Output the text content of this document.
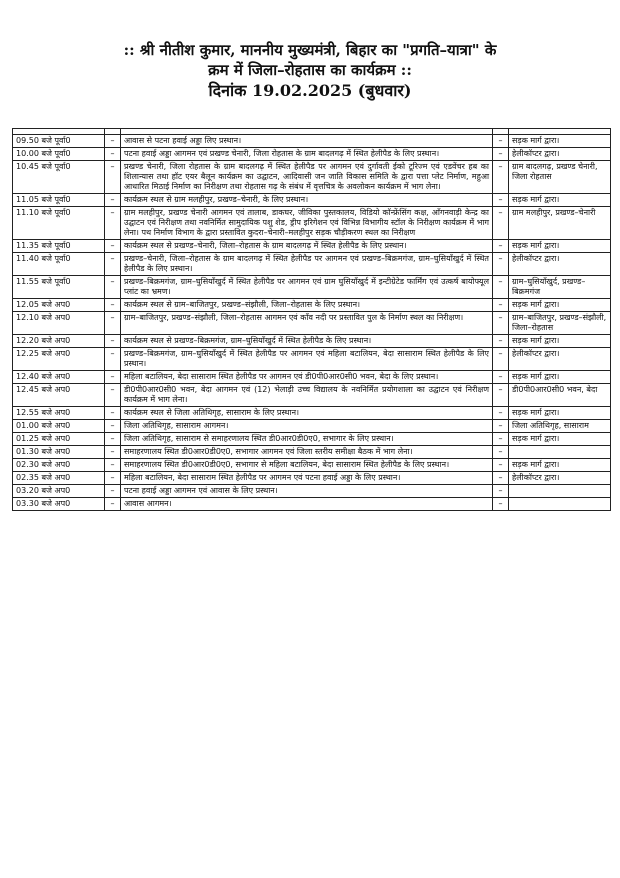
:: श्री नीतीश कुमार, माननीय मुख्यमंत्री, बिहार का "प्रगति–यात्रा" के
क्रम में जिला–रोहतास का कार्यक्रम ::
दिनांक 19.02.2025 (बुधवार)

09.50 बजे पूर्वा0	–	आवास से पटना हवाई अड्डा लिए प्रस्थान।	–	सड़क मार्ग द्वारा।
10.00 बजे पूर्वा0	–	पटना हवाई अड्डा आगमन एवं प्रखण्ड चेनारी, जिला रोहतास के ग्राम बादलगढ़ में स्थित हेलीपैड के लिए प्रस्थान।	–	हेलीकॉप्टर द्वारा।
10.45 बजे पूर्वा0	–	प्रखण्ड चेनारी, जिला रोहतास के ग्राम बादलगढ़ में स्थित हेलीपैड पर आगमन एवं दुर्गावती ईको टूरिज्म एवं एडवेंचर हब का शिलान्यास तथा हॉट एयर बैलून कार्यक्रम का उद्घाटन, आदिवासी जन जाति विकास समिति के द्वारा पत्ता प्लेट निर्माण, महुआ आधारित मिठाई निर्माण का निरीक्षण तथा रोहतास गढ़ के संबंध में वृत्तचित्र के अवलोकन कार्यक्रम में भाग लेना।	–	ग्राम बादलगढ़, प्रखण्ड चेनारी, जिला रोहतास
11.05 बजे पूर्वा0	–	कार्यक्रम स्थल से ग्राम मलहीपुर, प्रखण्ड–चेनारी, के लिए प्रस्थान।	–	सड़क मार्ग द्वारा।
11.10 बजे पूर्वा0	–	ग्राम मलहीपुर, प्रखण्ड चेनारी आगमन एवं तालाब, डाकघर, जीविका पुस्तकालय, विडियो कॉन्फ्रेंसिंग कक्ष, आँगनवाड़ी केन्द्र का उद्घाटन एवं निरीक्षण तथा नवनिर्मित सामुदायिक पशु शेड, ड्रीप इरिगेशन एवं विभिन्न विभागीय स्टॉल के निरीक्षण कार्यक्रम में भाग लेना। पथ निर्माण विभाग के द्वारा प्रस्तावित कुदरा–चेनारी–मलहीपुर सड़क चौड़ीकरण स्थल का निरीक्षण	–	ग्राम मलहीपुर, प्रखण्ड–चेनारी
11.35 बजे पूर्वा0	–	कार्यक्रम स्थल से प्रखण्ड–चेनारी, जिला–रोहतास के ग्राम बादलगढ़ में स्थित हेलीपैड के लिए प्रस्थान।	–	सड़क मार्ग द्वारा।
11.40 बजे पूर्वा0	–	प्रखण्ड–चेनारी, जिला–रोहतास के ग्राम बादलगढ़ में स्थित हेलीपैड पर आगमन एवं प्रखण्ड–बिक्रमगंज, ग्राम–घुसियाँखुर्द में स्थित हेलीपैड के लिए प्रस्थान।	–	हेलीकॉप्टर द्वारा।
11.55 बजे पूर्वा0	–	प्रखण्ड–बिक्रमगंज, ग्राम–घुसियाँखुर्द में स्थित हेलीपैड पर आगमन एवं ग्राम घुसियाँखुर्द में इन्टीग्रेटेड फार्मिंग एवं उत्कर्ष बायोफ्यूल प्लांट का भ्रमण।	–	ग्राम–घुसियाँखुर्द, प्रखण्ड–बिक्रमगंज
12.05 बजे अप0	–	कार्यक्रम स्थल से ग्राम–बाजितपुर, प्रखण्ड–संझौली, जिला–रोहतास के लिए प्रस्थान।	–	सड़क मार्ग द्वारा।
12.10 बजे अप0	–	ग्राम–बाजितपुर, प्रखण्ड–संझौली, जिला–रोहतास आगमन एवं काँव नदी पर प्रस्तावित पुल के निर्माण स्थल का निरीक्षण।	–	ग्राम–बाजितपुर, प्रखण्ड–संझौली, जिला–रोहतास
12.20 बजे अप0	–	कार्यक्रम स्थल से प्रखण्ड–बिक्रमगंज, ग्राम–घुसियाँखुर्द में स्थित हेलीपैड के लिए प्रस्थान।	–	सड़क मार्ग द्वारा।
12.25 बजे अप0	–	प्रखण्ड–बिक्रमगंज, ग्राम–घुसियाँखुर्द में स्थित हेलीपैड पर आगमन एवं महिला बटालियन, बेदा सासाराम स्थित हेलीपैड के लिए प्रस्थान।	–	हेलीकॉप्टर द्वारा।
12.40 बजे अप0	–	महिला बटालियन, बेदा सासाराम स्थित हेलीपैड पर आगमन एवं डी0पी0आर0सी0 भवन, बेदा के लिए प्रस्थान।	–	सड़क मार्ग द्वारा।
12.45 बजे अप0	–	डी0पी0आर0सी0 भवन, बेदा आगमन एवं (12) भेलाड़ी उच्च विद्यालय के नवनिर्मित प्रयोगशाला का उद्घाटन एवं निरीक्षण कार्यक्रम में भाग लेना।	–	डी0पी0आर0सी0 भवन, बेदा
12.55 बजे अप0	–	कार्यक्रम स्थल से जिला अतिथिगृह, सासाराम के लिए प्रस्थान।	–	सड़क मार्ग द्वारा।
01.00 बजे अप0	–	जिला अतिथिगृह, सासाराम आगमन।	–	जिला अतिथिगृह, सासाराम
01.25 बजे अप0	–	जिला अतिथिगृह, सासाराम से समाहरणालय स्थित डी0आर0डी0ए0, सभागार के लिए प्रस्थान।	–	सड़क मार्ग द्वारा।
01.30 बजे अप0	–	समाहरणालय स्थित डी0आर0डी0ए0, सभागार आगमन एवं जिला स्तरीय समीक्षा बैठक में भाग लेना।	–	
02.30 बजे अप0	–	समाहरणालय स्थित डी0आर0डी0ए0, सभागार से महिला बटालियन, बेदा सासाराम स्थित हेलीपैड के लिए प्रस्थान।	–	सड़क मार्ग द्वारा।
02.35 बजे अप0	–	महिला बटालियन, बेदा सासाराम स्थित हेलीपैड पर आगमन एवं पटना हवाई अड्डा के लिए प्रस्थान।	–	हेलीकॉप्टर द्वारा।
03.20 बजे अप0	–	पटना हवाई अड्डा आगमन एवं आवास के लिए प्रस्थान।	–	
03.30 बजे अप0	–	आवास आगमन।	–	
